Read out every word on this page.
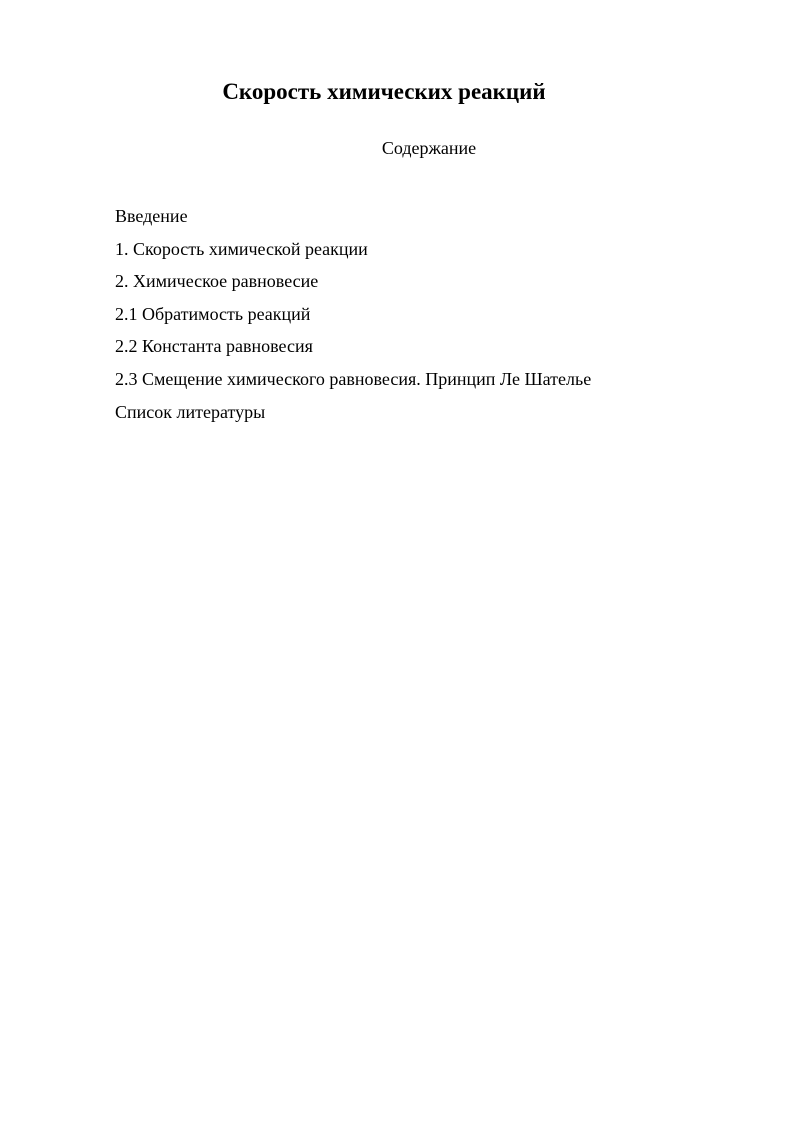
Скорость химических реакций

Содержание

Введение
1. Скорость химической реакции
2. Химическое равновесие
2.1 Обратимость реакций
2.2 Константа равновесия
2.3 Смещение химического равновесия. Принцип Ле Шателье
Список литературы
